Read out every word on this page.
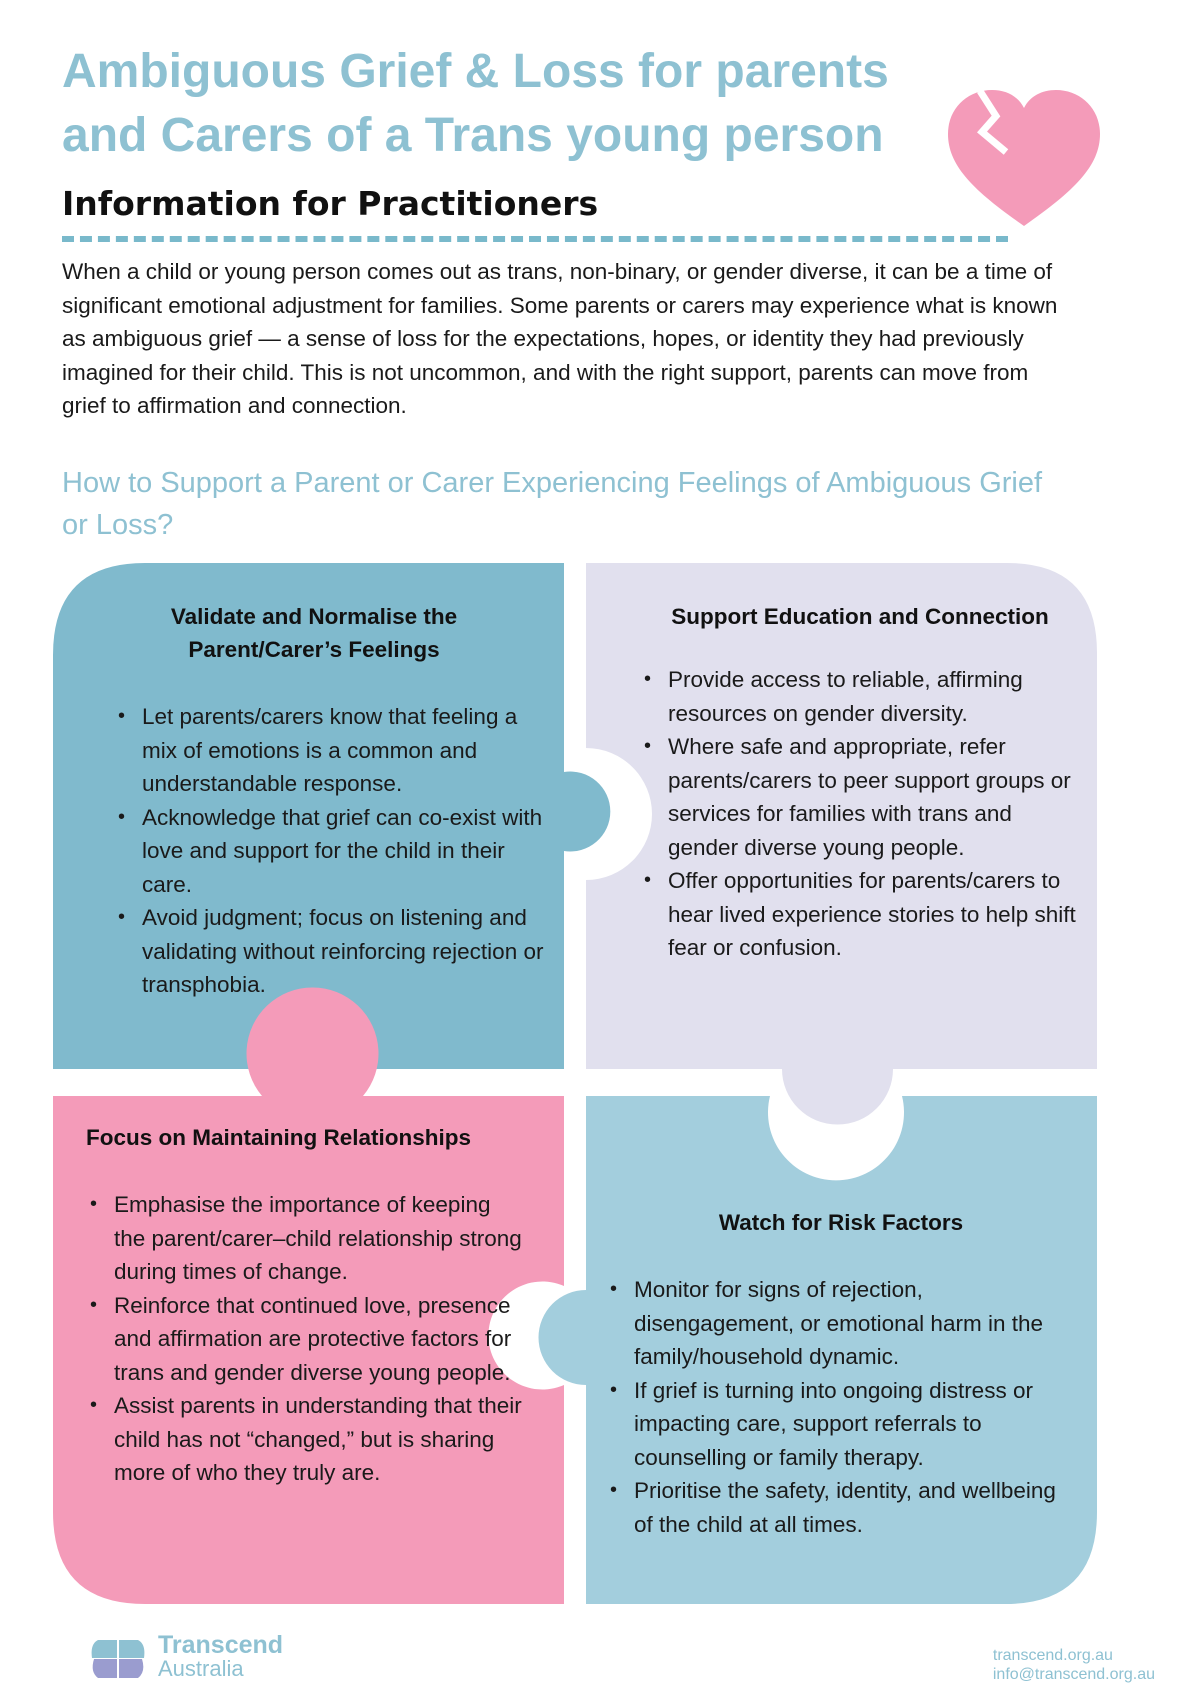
Ambiguous Grief & Loss for parents and Carers of a Trans young person
Information for Practitioners

When a child or young person comes out as trans, non-binary, or gender diverse, it can be a time of significant emotional adjustment for families. Some parents or carers may experience what is known as ambiguous grief — a sense of loss for the expectations, hopes, or identity they had previously imagined for their child. This is not uncommon, and with the right support, parents can move from grief to affirmation and connection.

How to Support a Parent or Carer Experiencing Feelings of Ambiguous Grief or Loss?
Validate and Normalise the Parent/Carer’s Feelings
• Let parents/carers know that feeling a mix of emotions is a common and understandable response.
• Acknowledge that grief can co-exist with love and support for the child in their care.
• Avoid judgment; focus on listening and validating without reinforcing rejection or transphobia.
Support Education and Connection
• Provide access to reliable, affirming resources on gender diversity.
• Where safe and appropriate, refer parents/carers to peer support groups or services for families with trans and gender diverse young people.
• Offer opportunities for parents/carers to hear lived experience stories to help shift fear or confusion.
Focus on Maintaining Relationships
• Emphasise the importance of keeping the parent/carer–child relationship strong during times of change.
• Reinforce that continued love, presence and affirmation are protective factors for trans and gender diverse young people.
• Assist parents in understanding that their child has not “changed,” but is sharing more of who they truly are.
Watch for Risk Factors
• Monitor for signs of rejection, disengagement, or emotional harm in the family/household dynamic.
• If grief is turning into ongoing distress or impacting care, support referrals to counselling or family therapy.
• Prioritise the safety, identity, and wellbeing of the child at all times.
Transcend
Australia
transcend.org.au
info@transcend.org.au
